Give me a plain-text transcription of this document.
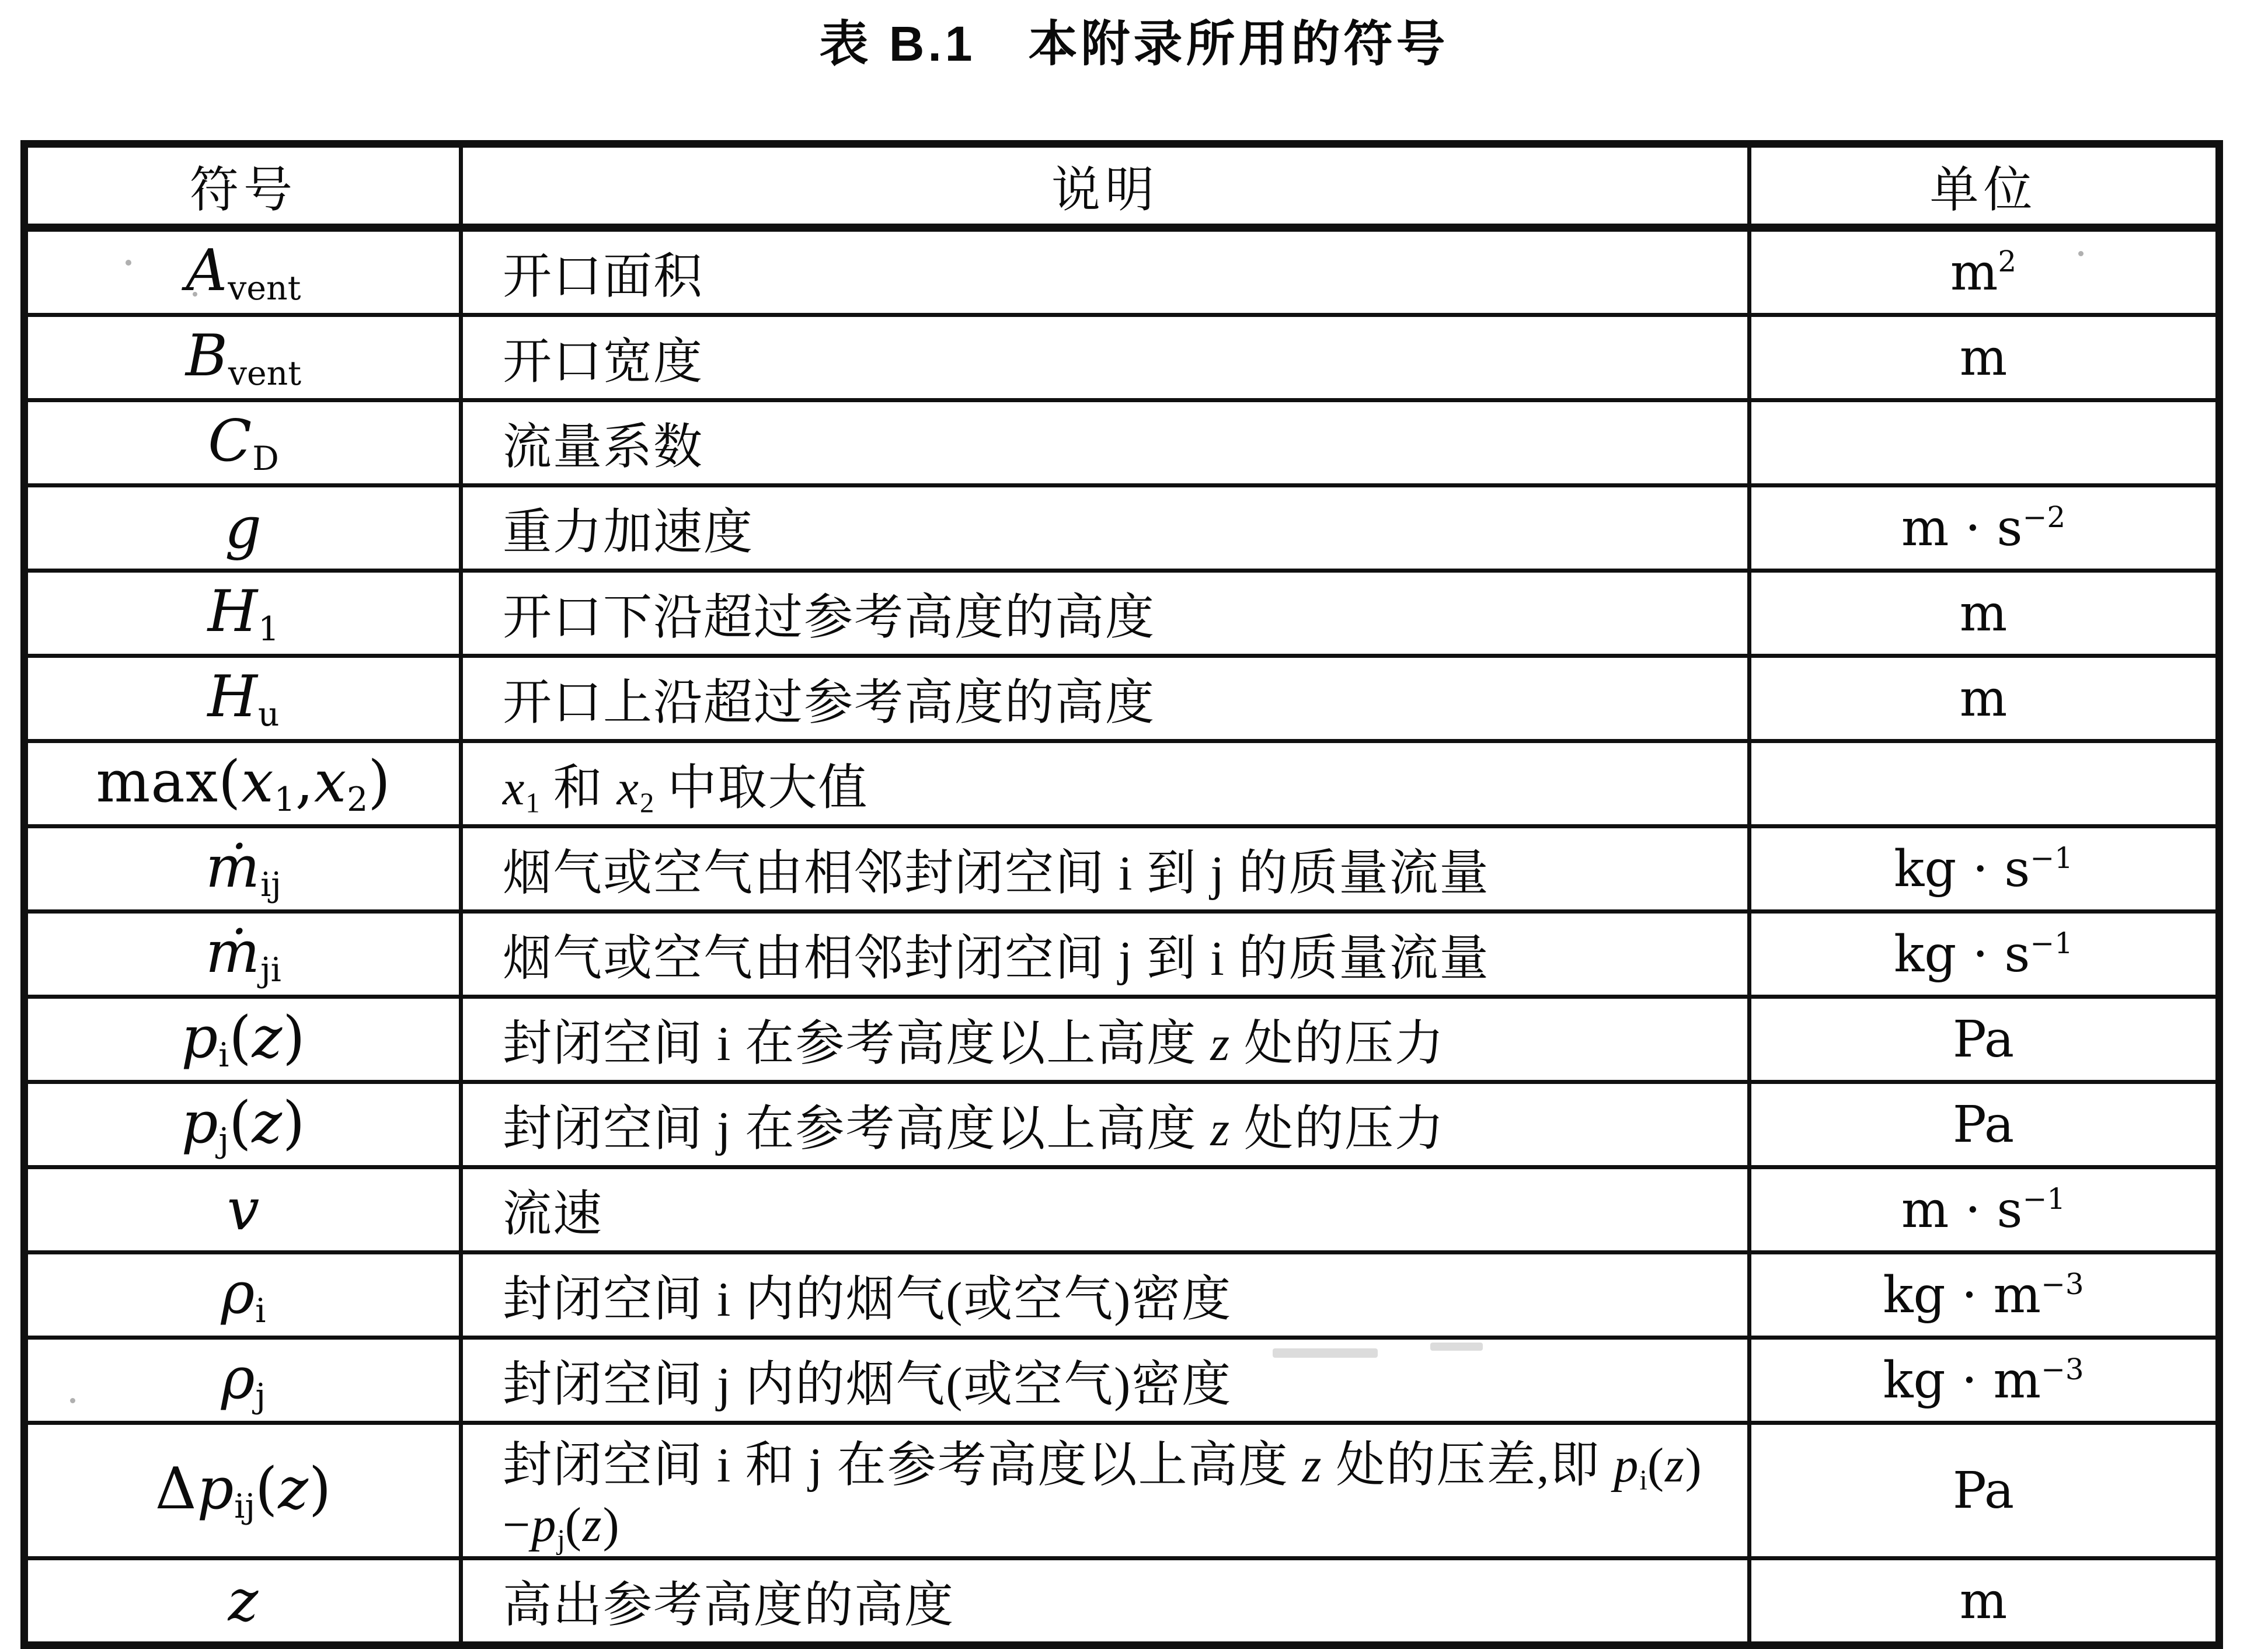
表 B.1　本附录所用的符号
符号	说明	单位
Avent	开口面积	$m^2$
Bvent	开口宽度	m
CD	流量系数	
g	重力加速度	$m \cdot s^{-2}$
H1	开口下沿超过参考高度的高度	m
Hu	开口上沿超过参考高度的高度	m
max(x1,x2)	x1 和 x2 中取大值	
ṁij	烟气或空气由相邻封闭空间 i 到 j 的质量流量	kg · $s^{-1}$
ṁji	烟气或空气由相邻封闭空间 j 到 i 的质量流量	kg · $s^{-1}$
pi(z)	封闭空间 i 在参考高度以上高度 z 处的压力	Pa
pj(z)	封闭空间 j 在参考高度以上高度 z 处的压力	Pa
v	流速	$m \cdot s^{-1}$
ρi	封闭空间 i 内的烟气(或空气)密度	kg · $m^{-3}$
ρj	封闭空间 j 内的烟气(或空气)密度	kg · $m^{-3}$
Δpij(z)	封闭空间 i 和 j 在参考高度以上高度 z 处的压差,即 pi(z)−pj(z)	Pa
z	高出参考高度的高度	m
